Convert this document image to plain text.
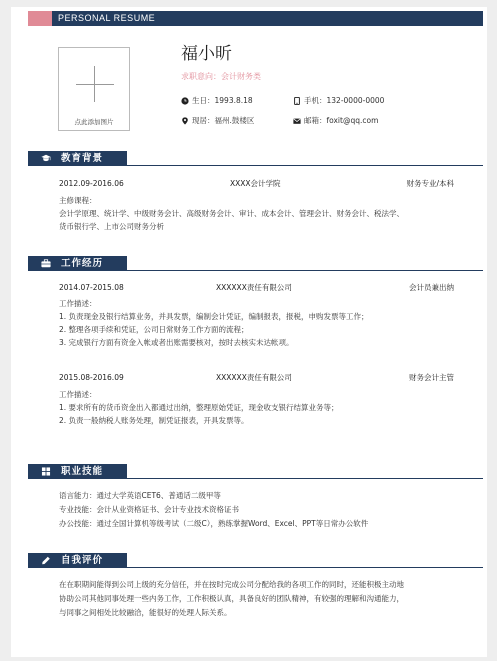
PERSONAL RESUME
点此添加图片
福小昕
求职意向：会计财务类
生日：1993.8.18	手机：132-0000-0000
现居：福州.鼓楼区	邮箱：foxit@qq.com
教育背景
2012.09-2016.06	XXXX会计学院	财务专业/本科
主修课程：
会计学原理、统计学、中级财务会计、高级财务会计、审计、成本会计、管理会计、财务会计、税法学、
货币银行学、上市公司财务分析
工作经历
2014.07-2015.08	XXXXXX责任有限公司	会计员兼出纳
工作描述：
1. 负责现金及银行结算业务，并具发票，编制会计凭证，编制报表，报税，申购发票等工作；
2. 整理各项手续和凭证，公司日常财务工作方面的流程；
3. 完成银行方面有资金入帐或者出账需要核对，按时去核实未达帐项。
2015.08-2016.09	XXXXXX责任有限公司	财务会计主管
工作描述：
1. 要求所有的货币资金出入都通过出纳，整理原始凭证，现金收支银行结算业务等；
2. 负责一般纳税人账务处理，制凭证报表，开具发票等。
职业技能
语言能力：通过大学英语CET6、普通话二级甲等
专业技能：会计从业资格证书、会计专业技术资格证书
办公技能：通过全国计算机等级考试（二级C），熟练掌握Word、Excel、PPT等日常办公软件
自我评价
在在职期间能得到公司上级的充分信任，并在按时完成公司分配给我的各项工作的同时，还能积极主动地
协助公司其他同事处理一些内务工作，工作积极认真，具备良好的团队精神，有较强的理解和沟通能力，
与同事之间相处比较融洽，能很好的处理人际关系。
